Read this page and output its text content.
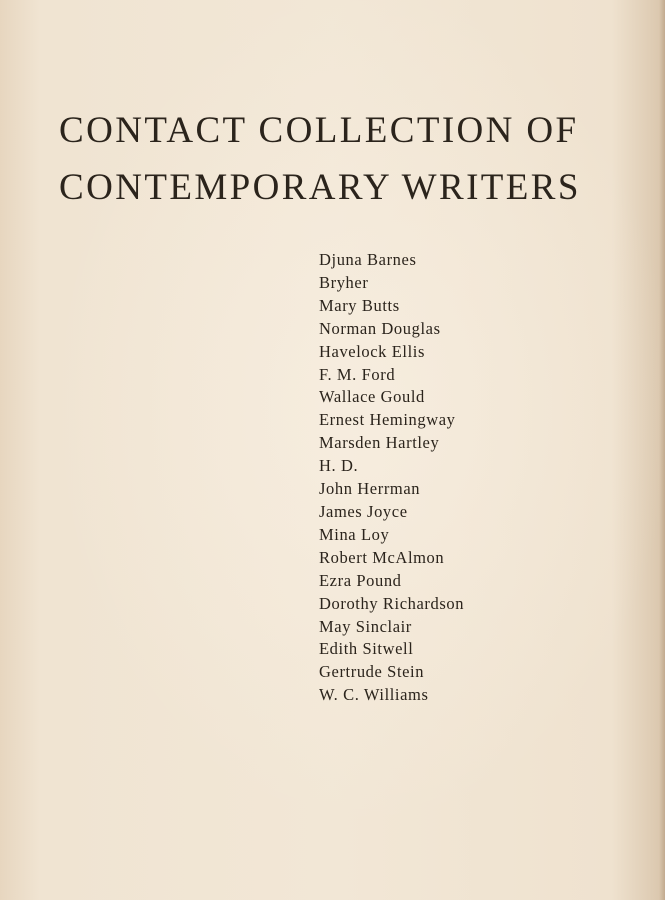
CONTACT COLLECTION OF
CONTEMPORARY WRITERS
Djuna Barnes
Bryher
Mary Butts
Norman Douglas
Havelock Ellis
F. M. Ford
Wallace Gould
Ernest Hemingway
Marsden Hartley
H. D.
John Herrman
James Joyce
Mina Loy
Robert McAlmon
Ezra Pound
Dorothy Richardson
May Sinclair
Edith Sitwell
Gertrude Stein
W. C. Williams
